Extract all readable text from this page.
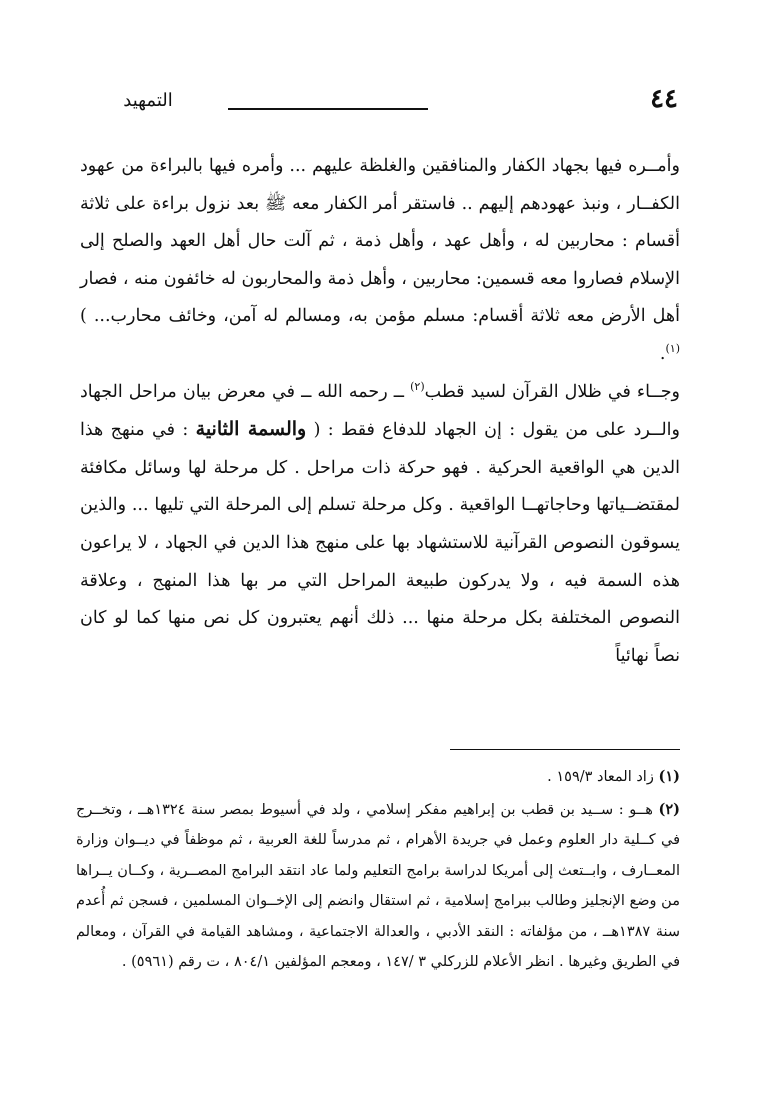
٤٤
التمهيد

وأمــره فيها بجهاد الكفار والمنافقين والغلظة عليهم ... وأمره فيها بالبراءة من عهود الكفــار ، ونبذ عهودهم إليهم .. فاستقر أمر الكفار معه ﷺ بعد نزول براءة على ثلاثة أقسام : محاربين له ، وأهل عهد ، وأهل ذمة ، ثم آلت حال أهل العهد والصلح إلى الإسلام فصاروا معه قسمين: محاربين ، وأهل ذمة والمحاربون له خائفون منه ، فصار أهل الأرض معه ثلاثة أقسام: مسلم مؤمن به، ومسالم له آمن، وخائف محارب... )$^{(١)}$.

وجــاء في ظلال القرآن لسيد قطب$^{(٢)}$ ــ رحمه الله ــ في معرض بيان مراحل الجهاد والــرد على من يقول : إن الجهاد للدفاع فقط : ( والسمة الثانية : في منهج هذا الدين هي الواقعية الحركية . فهو حركة ذات مراحل . كل مرحلة لها وسائل مكافئة لمقتضــياتها وحاجاتهــا الواقعية . وكل مرحلة تسلم إلى المرحلة التي تليها ... والذين يسوقون النصوص القرآنية للاستشهاد بها على منهج هذا الدين في الجهاد ، لا يراعون هذه السمة فيه ، ولا يدركون طبيعة المراحل التي مر بها هذا المنهج ، وعلاقة النصوص المختلفة بكل مرحلة منها ... ذلك أنهم يعتبرون كل نص منها كما لو كان نصاً نهائياً

(١) زاد المعاد ١٥٩/٣ .

(٢) هــو : ســيد بن قطب بن إبراهيم مفكر إسلامي ، ولد في أسيوط بمصر سنة ١٣٢٤هــ ، وتخــرج في كــلية دار العلوم وعمل في جريدة الأهرام ، ثم مدرساً للغة العربية ، ثم موظفاً في ديــوان وزارة المعــارف ، وابــتعث إلى أمريكا لدراسة برامج التعليم ولما عاد انتقد البرامج المصــرية ، وكــان يــراها من وضع الإنجليز وطالب ببرامج إسلامية ، ثم استقال وانضم إلى الإخــوان المسلمين ، فسجن ثم أُعدم سنة ١٣٨٧هــ ، من مؤلفاته : النقد الأدبي ، والعدالة الاجتماعية ، ومشاهد القيامة في القرآن ، ومعالم في الطريق وغيرها . انظر الأعلام للزركلي ٣ /١٤٧ ، ومعجم المؤلفين ٨٠٤/١ ، ت رقم (٥٩٦١) .
